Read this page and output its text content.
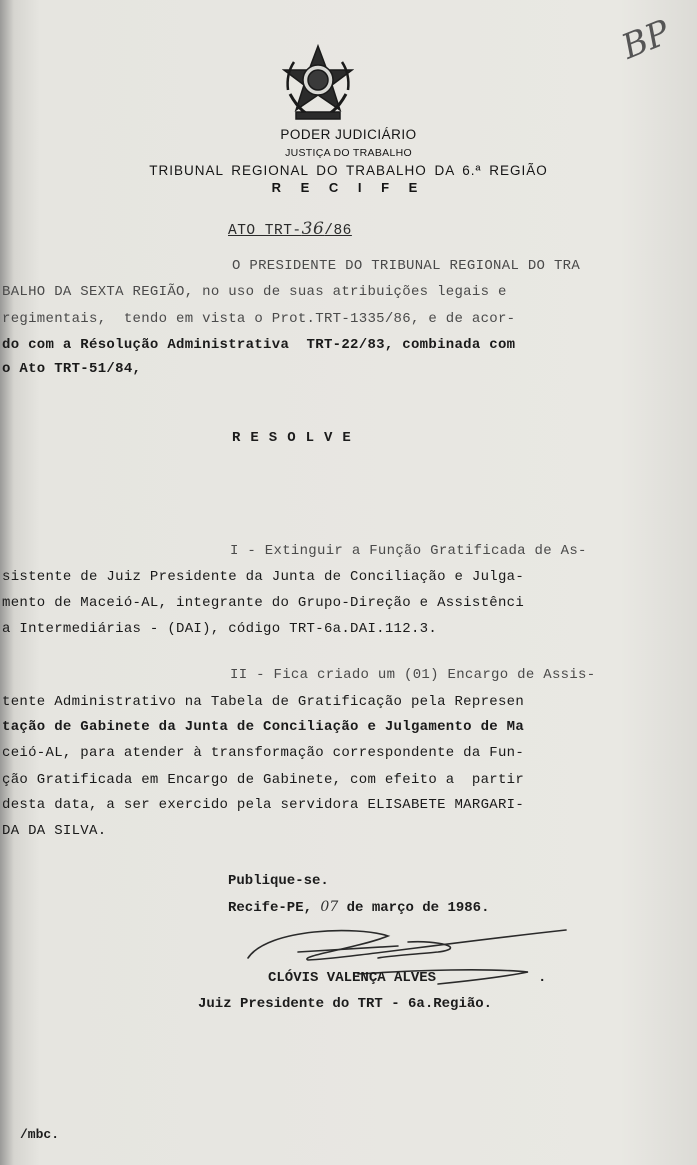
PODER JUDICIÁRIO
JUSTIÇA DO TRABALHO
TRIBUNAL REGIONAL DO TRABALHO DA 6.ª REGIÃO
R E C I F E
BP
ATO TRT-36/86
O PRESIDENTE DO TRIBUNAL REGIONAL DO TRA
BALHO DA SEXTA REGIÃO, no uso de suas atribuições legais e
regimentais,  tendo em vista o Prot.TRT-1335/86, e de acor-
do com a Résolução Administrativa  TRT-22/83, combinada com
o Ato TRT-51/84,
RESOLVE
I - Extinguir a Função Gratificada de As-
sistente de Juiz Presidente da Junta de Conciliação e Julga-
mento de Maceió-AL, integrante do Grupo-Direção e Assistênci
a Intermediárias - (DAI), código TRT-6a.DAI.112.3.
II - Fica criado um (01) Encargo de Assis-
tente Administrativo na Tabela de Gratificação pela Represen
tação de Gabinete da Junta de Conciliação e Julgamento de Ma
ceió-AL, para atender à transformação correspondente da Fun-
ção Gratificada em Encargo de Gabinete, com efeito a  partir
desta data, a ser exercido pela servidora ELISABETE MARGARI-
DA DA SILVA.
Publique-se.
Recife-PE, 07 de março de 1986.
CLÓVIS VALENÇA ALVES	.
Juiz Presidente do TRT - 6a.Região.
/mbc.
